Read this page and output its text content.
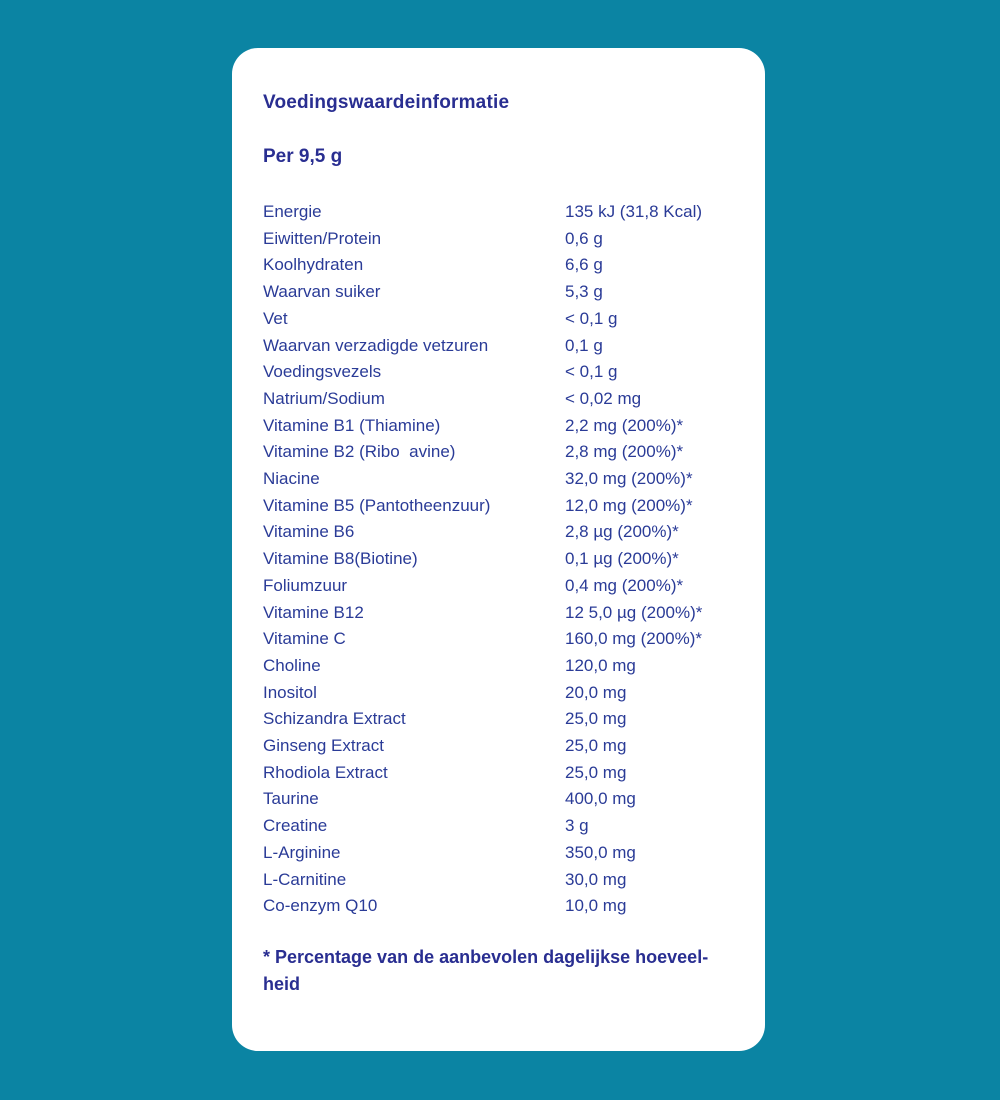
Voedingswaardeinformatie
Per 9,5 g
Energie	135 kJ (31,8 Kcal)
Eiwitten/Protein	0,6 g
Koolhydraten	6,6 g
Waarvan suiker	5,3 g
Vet	< 0,1 g
Waarvan verzadigde vetzuren	0,1 g
Voedingsvezels	< 0,1 g
Natrium/Sodium	< 0,02 mg
Vitamine B1 (Thiamine)	2,2 mg (200%)*
Vitamine B2 (Ribo  avine)	2,8 mg (200%)*
Niacine	32,0 mg (200%)*
Vitamine B5 (Pantotheenzuur)	12,0 mg (200%)*
Vitamine B6	2,8 µg (200%)*
Vitamine B8(Biotine)	0,1 µg (200%)*
Foliumzuur	0,4 mg (200%)*
Vitamine B12	12 5,0 µg (200%)*
Vitamine C	160,0 mg (200%)*
Choline	120,0 mg
Inositol	20,0 mg
Schizandra Extract	25,0 mg
Ginseng Extract	25,0 mg
Rhodiola Extract	25,0 mg
Taurine	400,0 mg
Creatine	3 g
L-Arginine	350,0 mg
L-Carnitine	30,0 mg
Co-enzym Q10	10,0 mg

* Percentage van de aanbevolen dagelijkse hoeveel-
heid
